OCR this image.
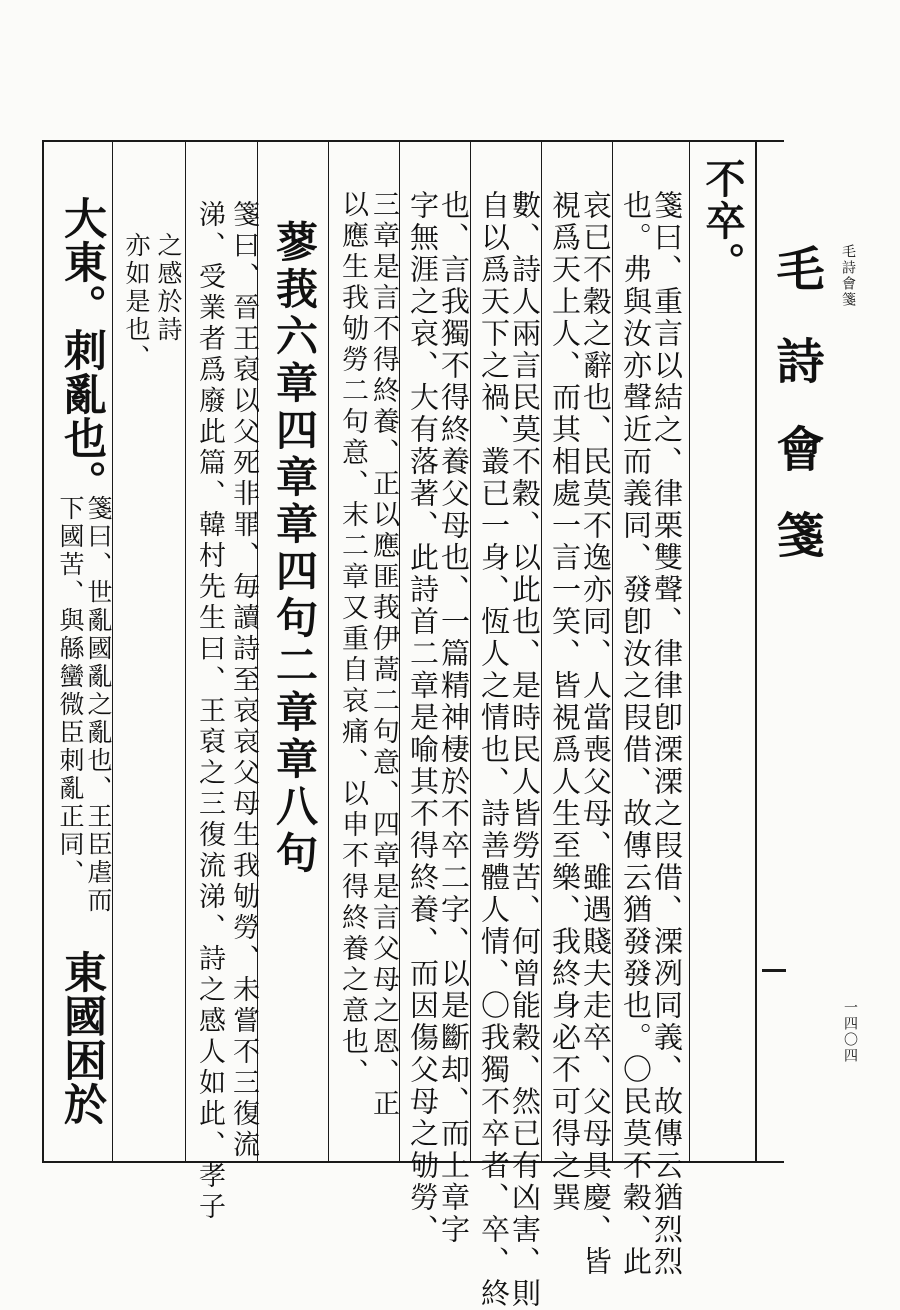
不卒。
箋曰、重言以結之、律栗雙聲、律律卽溧溧之叚借、溧冽同義、故傳云猶烈烈
也。弗與汝亦聲近而義同、發卽汝之叚借、故傳云猶發發也。〇民莫不穀、此
哀已不穀之辭也、民莫不逸亦同、人當喪父母、雖遇賤夫走卒、父母具慶、皆
視爲天上人、而其相處一言一笑、皆視爲人生至樂、我終身必不可得之巽
數、詩人兩言民莫不穀、以此也、是時民人皆勞苦、何曾能穀、然已有凶害、則
自以爲天下之禍、叢已一身、恆人之情也、詩善體人情、〇我獨不卒者、卒、終
也、言我獨不得終養父母也、一篇精神棲於不卒二字、以是斷却、而上章字
字無涯之哀、大有落著、此詩首二章是喻其不得終養、而因傷父母之劬勞、
三章是言不得終養、正以應匪莪伊蒿二句意、四章是言父母之恩、正
以應生我劬勞二句意、末二章又重自哀痛、以申不得終養之意也、
蓼莪六章四章章四句二章章八句
箋曰、晉王裒以父死非罪、毎讀詩至哀哀父母生我劬勞、未嘗不三復流
涕、受業者爲廢此篇、韓村先生曰、王裒之三復流涕、詩之感人如此、孝子
之感於詩
亦如是也、
大東。刺亂也。
箋曰、世亂國亂之亂也、王臣虐而
下國苦、與緜蠻微臣刺亂正同、
東國困於
毛
詩
會
箋
毛詩會箋
一四〇四
